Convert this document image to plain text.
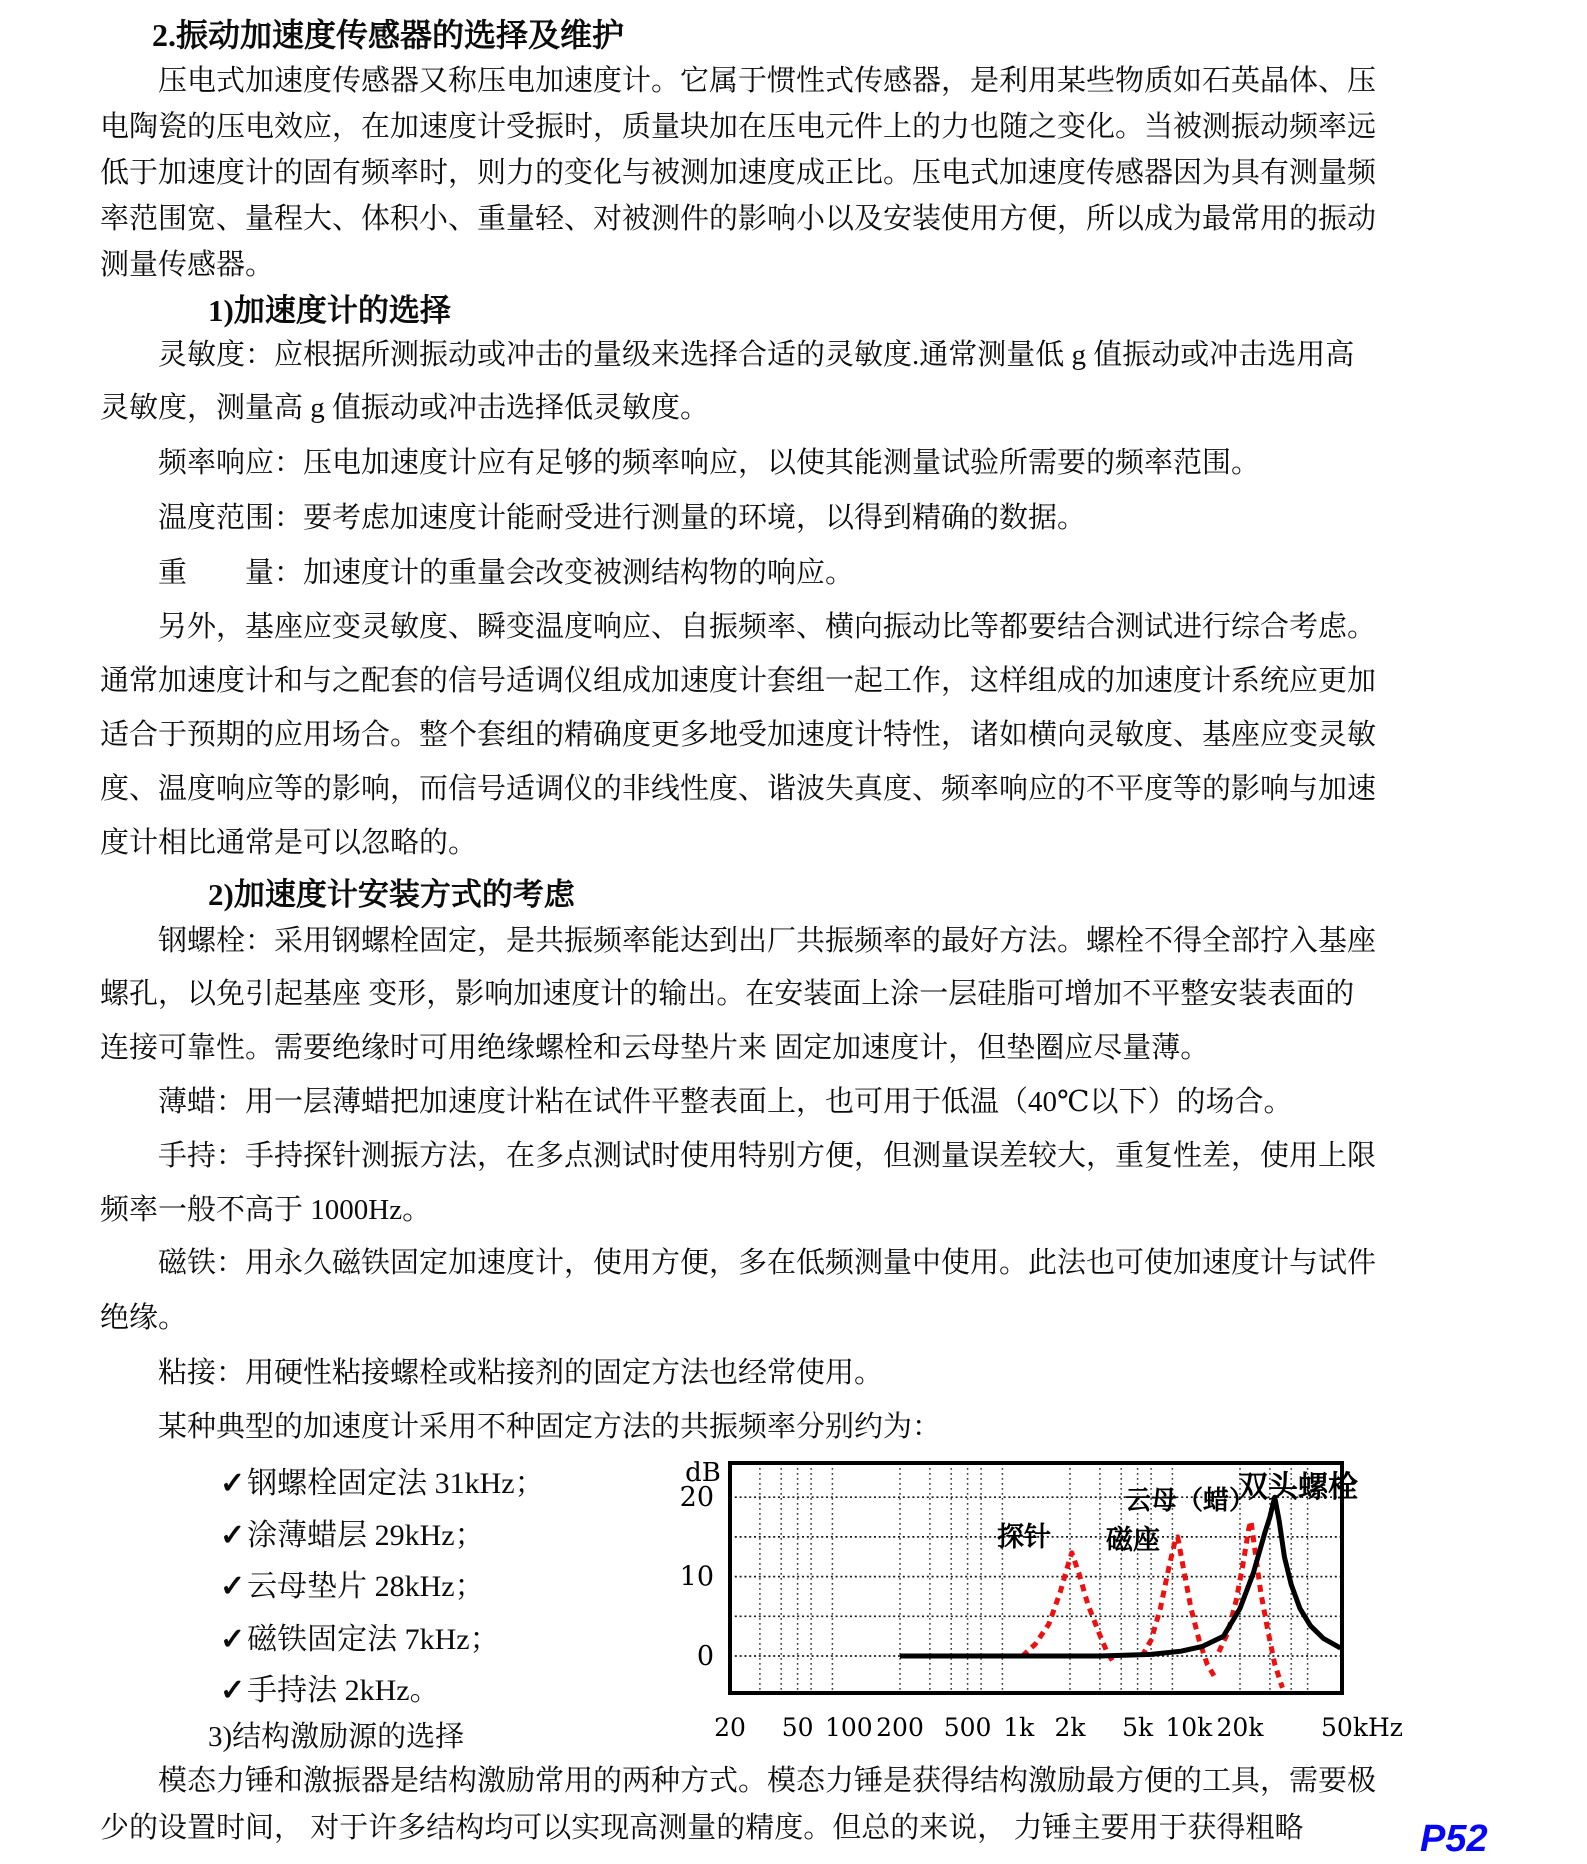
2.振动加速度传感器的选择及维护
压电式加速度传感器又称压电加速度计。它属于惯性式传感器，是利用某些物质如石英晶体、压
电陶瓷的压电效应，在加速度计受振时，质量块加在压电元件上的力也随之变化。当被测振动频率远
低于加速度计的固有频率时，则力的变化与被测加速度成正比。压电式加速度传感器因为具有测量频
率范围宽、量程大、体积小、重量轻、对被测件的影响小以及安装使用方便，所以成为最常用的振动
测量传感器。
1)加速度计的选择
灵敏度：应根据所测振动或冲击的量级来选择合适的灵敏度.通常测量低 g 值振动或冲击选用高
灵敏度，测量高 g 值振动或冲击选择低灵敏度。
频率响应：压电加速度计应有足够的频率响应，以使其能测量试验所需要的频率范围。
温度范围：要考虑加速度计能耐受进行测量的环境，以得到精确的数据。
重　　量：加速度计的重量会改变被测结构物的响应。
另外，基座应变灵敏度、瞬变温度响应、自振频率、横向振动比等都要结合测试进行综合考虑。
通常加速度计和与之配套的信号适调仪组成加速度计套组一起工作，这样组成的加速度计系统应更加
适合于预期的应用场合。整个套组的精确度更多地受加速度计特性，诸如横向灵敏度、基座应变灵敏
度、温度响应等的影响，而信号适调仪的非线性度、谐波失真度、频率响应的不平度等的影响与加速
度计相比通常是可以忽略的。
2)加速度计安装方式的考虑
钢螺栓：采用钢螺栓固定，是共振频率能达到出厂共振频率的最好方法。螺栓不得全部拧入基座
螺孔，以免引起基座 变形，影响加速度计的输出。在安装面上涂一层硅脂可增加不平整安装表面的
连接可靠性。需要绝缘时可用绝缘螺栓和云母垫片来 固定加速度计，但垫圈应尽量薄。
薄蜡：用一层薄蜡把加速度计粘在试件平整表面上，也可用于低温（40℃以下）的场合。
手持：手持探针测振方法，在多点测试时使用特别方便，但测量误差较大，重复性差，使用上限
频率一般不高于 1000Hz。
磁铁：用永久磁铁固定加速度计，使用方便，多在低频测量中使用。此法也可使加速度计与试件
绝缘。
粘接：用硬性粘接螺栓或粘接剂的固定方法也经常使用。
某种典型的加速度计采用不种固定方法的共振频率分别约为：
✓钢螺栓固定法 31kHz；
✓涂薄蜡层 29kHz；
✓云母垫片 28kHz；
✓磁铁固定法 7kHz；
✓手持法 2kHz。
3)结构激励源的选择
模态力锤和激振器是结构激励常用的两种方式。模态力锤是获得结构激励最方便的工具，需要极
少的设置时间， 对于许多结构均可以实现高测量的精度。但总的来说， 力锤主要用于获得粗略
探针 磁座
云母（蜡）
双头螺栓
dB
0
10
20
20 50 100 200 500 1k 2k 5k 10k 20k 50kHz
P52
